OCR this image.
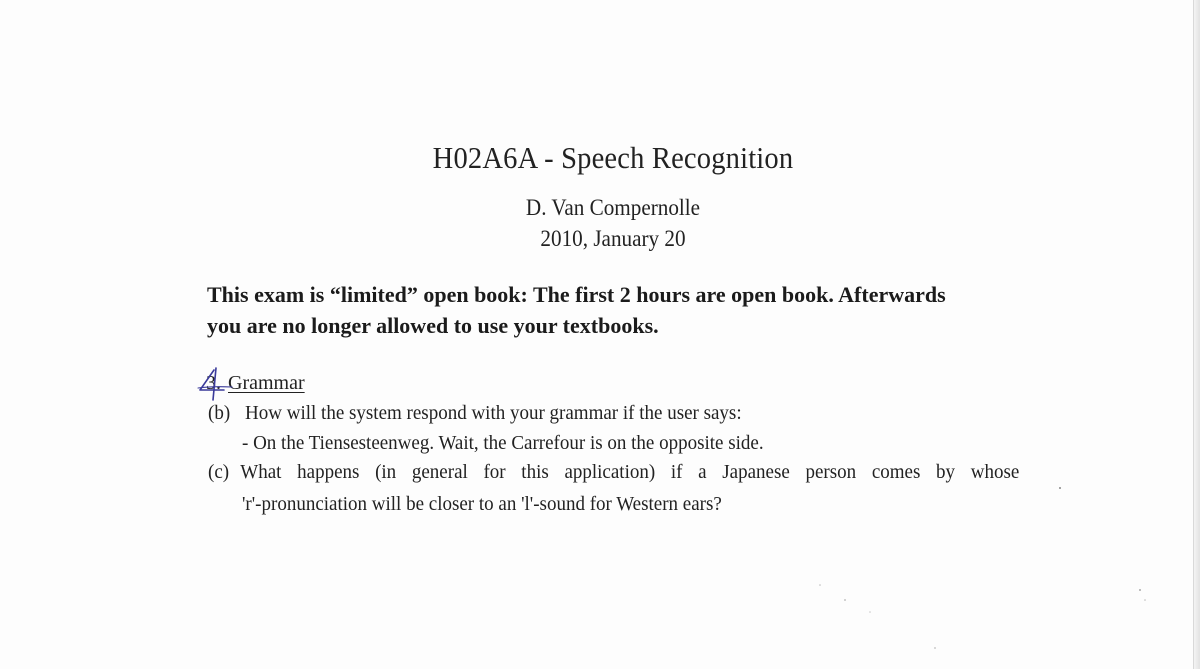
H02A6A - Speech Recognition
D. Van Compernolle
2010, January 20
This exam is “limited” open book: The first 2 hours are open book. Afterwards
you are no longer allowed to use your textbooks.
3. Grammar
(b) How will the system respond with your grammar if the user says:
- On the Tiensesteenweg. Wait, the Carrefour is on the opposite side.
(c) What happens (in general for this application) if a Japanese person comes by whose
'r'-pronunciation will be closer to an 'l'-sound for Western ears?
